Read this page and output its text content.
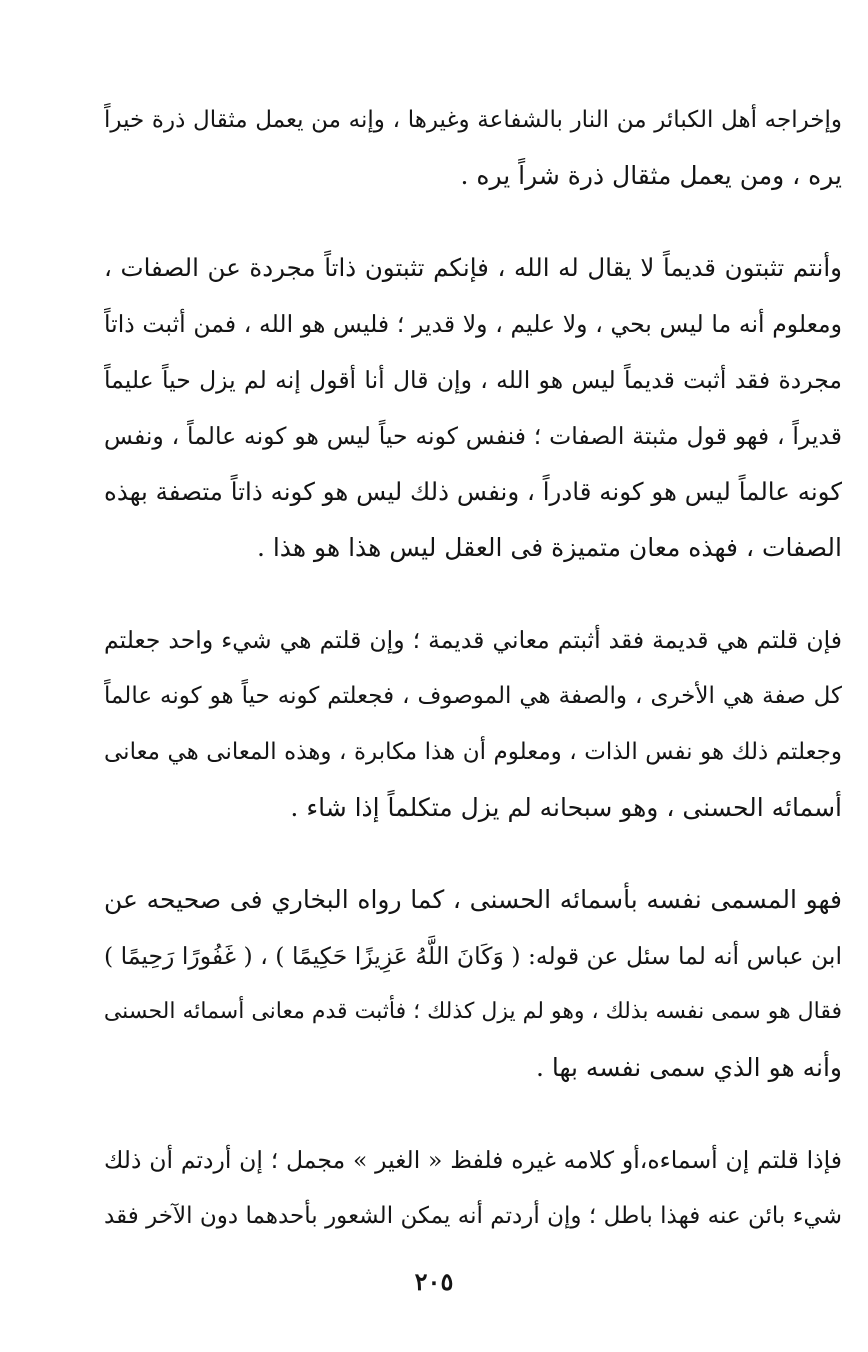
وإخراجه أهل الكبائر من النار بالشفاعة وغيرها ، وإنه من يعمل مثقال ذرة خيراً
يره ، ومن يعمل مثقال ذرة شراً يره .
وأنتم تثبتون قديماً لا يقال له الله ، فإنكم تثبتون ذاتاً مجردة عن الصفات ،
ومعلوم أنه ما ليس بحي ، ولا عليم ، ولا قدير ؛ فليس هو الله ، فمن أثبت ذاتاً
مجردة فقد أثبت قديماً ليس هو الله ، وإن قال أنا أقول إنه لم يزل حياً عليماً
قديراً ، فهو قول مثبتة الصفات ؛ فنفس كونه حياً ليس هو كونه عالماً ، ونفس
كونه عالماً ليس هو كونه قادراً ، ونفس ذلك ليس هو كونه ذاتاً متصفة بهذه
الصفات ، فهذه معان متميزة فى العقل ليس هذا هو هذا .
فإن قلتم هي قديمة فقد أثبتم معاني قديمة ؛ وإن قلتم هي شيء واحد جعلتم
كل صفة هي الأخرى ، والصفة هي الموصوف ، فجعلتم كونه حياً هو كونه عالماً
وجعلتم ذلك هو نفس الذات ، ومعلوم أن هذا مكابرة ، وهذه المعانى هي معانى
أسمائه الحسنى ، وهو سبحانه لم يزل متكلماً إذا شاء .
فهو المسمى نفسه بأسمائه الحسنى ، كما رواه البخاري فى صحيحه عن
ابن عباس أنه لما سئل عن قوله: ( وَكَانَ اللَّهُ عَزِيزًا حَكِيمًا ) ، ( غَفُورًا رَحِيمًا )
فقال هو سمى نفسه بذلك ، وهو لم يزل كذلك ؛ فأثبت قدم معانى أسمائه الحسنى
وأنه هو الذي سمى نفسه بها .
فإذا قلتم إن أسماءه،أو كلامه غيره فلفظ « الغير » مجمل ؛ إن أردتم أن ذلك
شيء بائن عنه فهذا باطل ؛ وإن أردتم أنه يمكن الشعور بأحدهما دون الآخر فقد
٢٠٥
